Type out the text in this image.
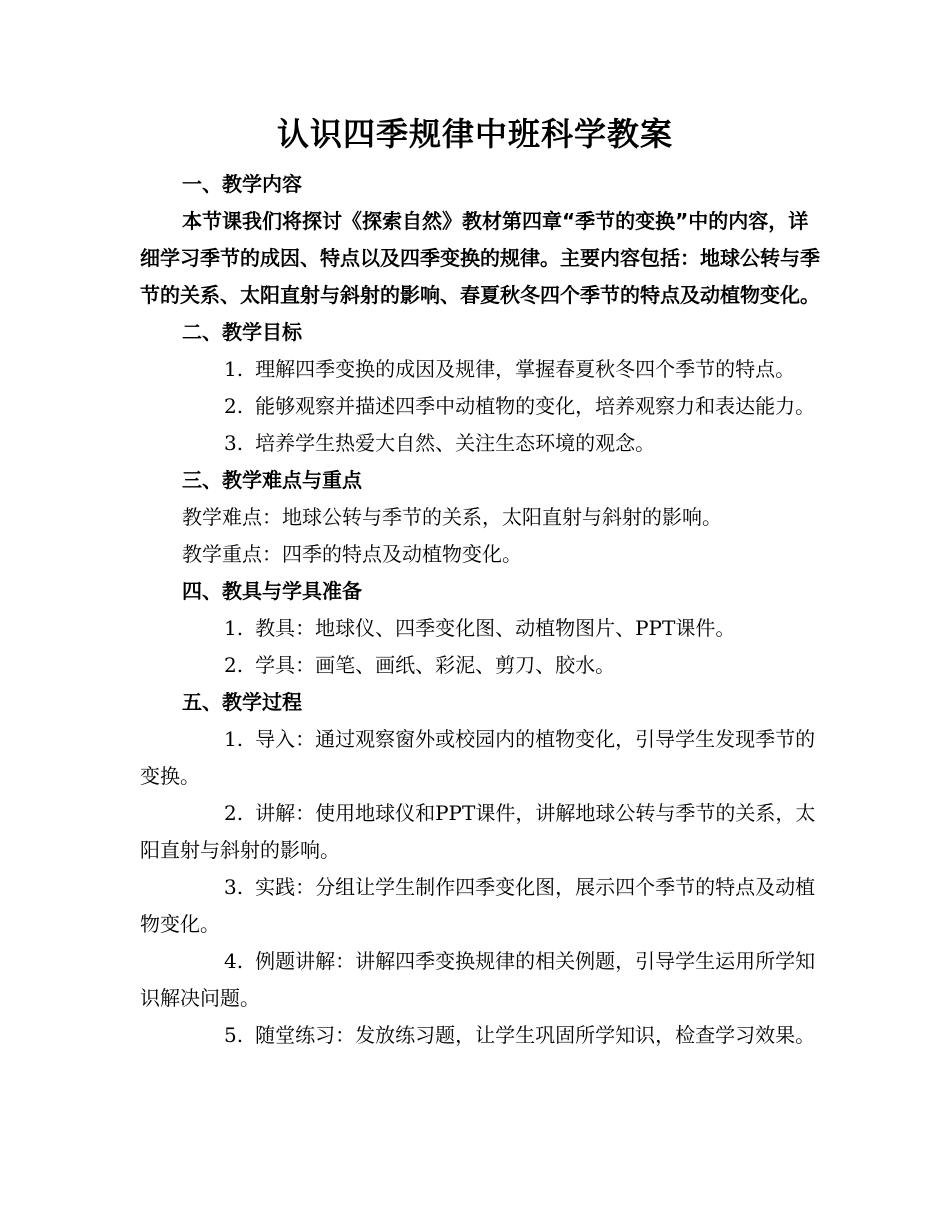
认识四季规律中班科学教案

一、教学内容

本节课我们将探讨《探索自然》教材第四章“季节的变换”中的内容，详细学习季节的成因、特点以及四季变换的规律。主要内容包括：地球公转与季节的关系、太阳直射与斜射的影响、春夏秋冬四个季节的特点及动植物变化。

二、教学目标

1. 理解四季变换的成因及规律，掌握春夏秋冬四个季节的特点。

2. 能够观察并描述四季中动植物的变化，培养观察力和表达能力。

3. 培养学生热爱大自然、关注生态环境的观念。

三、教学难点与重点

教学难点：地球公转与季节的关系，太阳直射与斜射的影响。

教学重点：四季的特点及动植物变化。

四、教具与学具准备

1. 教具：地球仪、四季变化图、动植物图片、PPT课件。

2. 学具：画笔、画纸、彩泥、剪刀、胶水。

五、教学过程

1. 导入：通过观察窗外或校园内的植物变化，引导学生发现季节的变换。

2. 讲解：使用地球仪和PPT课件，讲解地球公转与季节的关系，太阳直射与斜射的影响。

3. 实践：分组让学生制作四季变化图，展示四个季节的特点及动植物变化。

4. 例题讲解：讲解四季变换规律的相关例题，引导学生运用所学知识解决问题。

5. 随堂练习：发放练习题，让学生巩固所学知识，检查学习效果。
